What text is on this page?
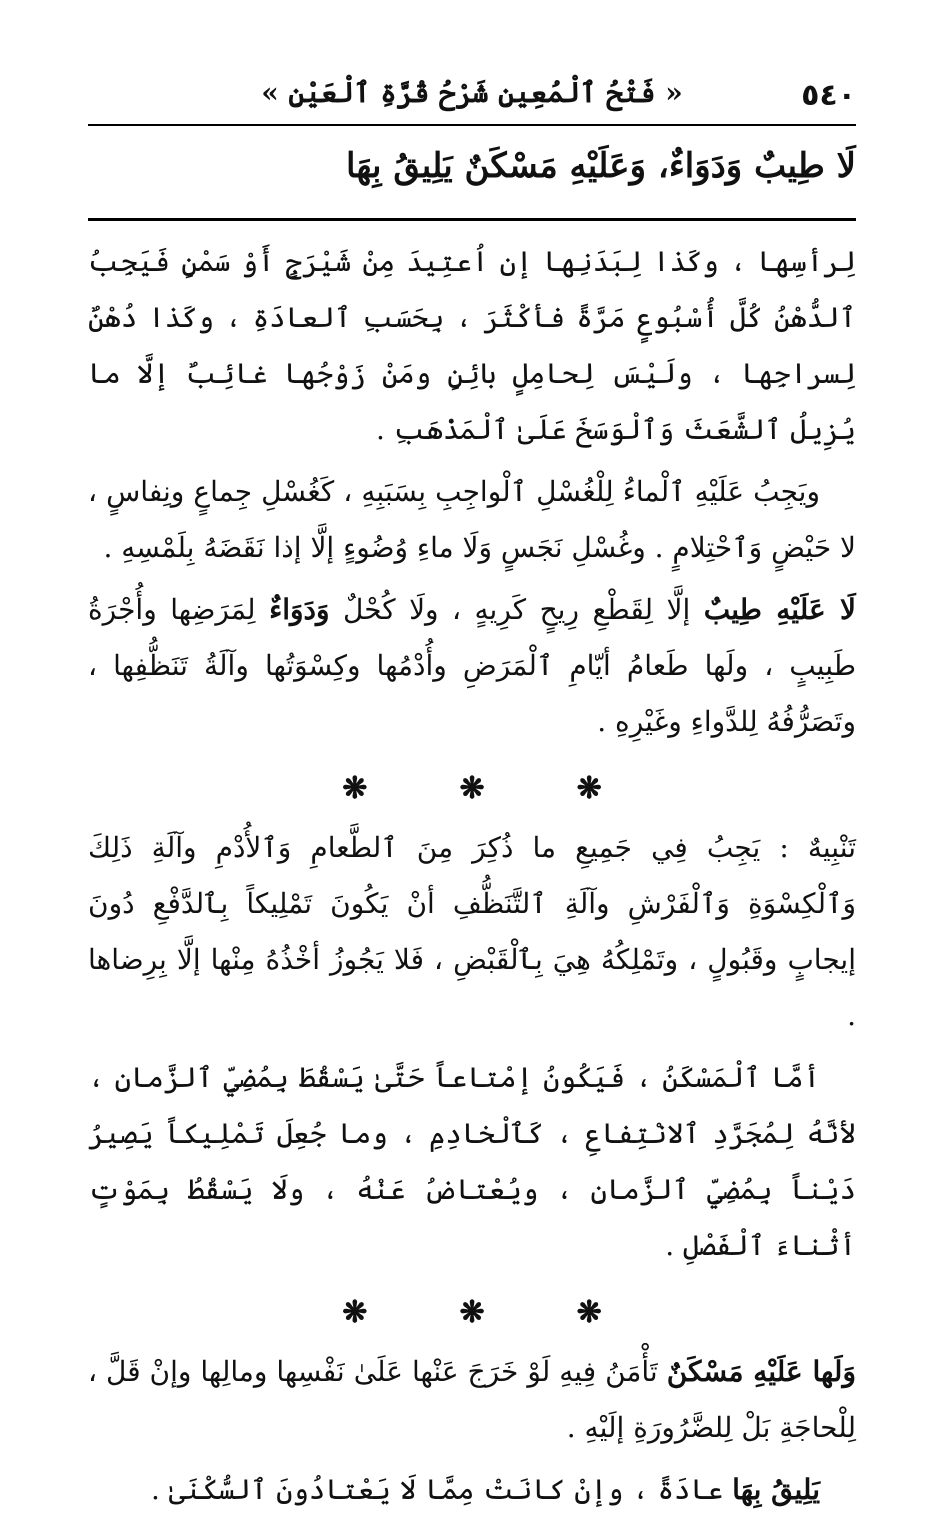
٥٤٠
« فَتْحُ ٱلْمُعِينِ شَرْحُ قُرَّةِ ٱلْعَيْنِ »
لَا طِيبٌ وَدَوَاءٌ، وَعَلَيْهِ مَسْكَنٌ يَلِيقُ بِهَا

لِرأسِها ، وكَذا لِبَدَنِها إن اُعتِيدَ مِنْ شَيْرَجٍ أَوْ سَمْنٍ فَيَجِبُ ٱلدُّهْنُ كُلَّ أُسْبُوعٍ مَرَّةً فأكْثَرَ ، بِحَسَبِ ٱلعادَةِ ، وكَذا دُهْنٌ لِسراجِها ، ولَيْسَ لِحامِلٍ بائِنٍ ومَنْ زَوْجُها غائِبٌ إلَّا ما يُزِيلُ ٱلشَّعَثَ وَٱلْوَسَخَ عَلَىٰ ٱلْمَذْهَبِ .

ويَجِبُ عَلَيْهِ ٱلْماءُ لِلْغُسْلِ ٱلْواجِبِ بِسَبَبِهِ ، كَغُسْلِ جِماعٍ ونِفاسٍ ، لا حَيْضٍ وَٱحْتِلامٍ . وغُسْلِ نَجَسٍ وَلَا ماءِ وُضُوءٍ إلَّا إذا نَقَضَهُ بِلَمْسِهِ .

لَا عَلَيْهِ طِيبٌ إلَّا لِقَطْعِ رِيحٍ كَرِيهٍ ، ولَا كُحْلٌ وَدَوَاءٌ لِمَرَضِها وأُجْرَةُ طَبِيبٍ ، ولَها طَعامُ أيّامِ ٱلْمَرَضِ وأُدْمُها وكِسْوَتُها وآلَةُ تَنَظُّفِها ، وتَصَرُّفُهُ لِلدَّواءِ وغَيْرِهِ .

❋
❋
❋

تَنْبِيهٌ : يَجِبُ فِي جَمِيعِ ما ذُكِرَ مِنَ ٱلطَّعامِ وَٱلأُدْمِ وآلَةِ ذَلِكَ وَٱلْكِسْوَةِ وَٱلْفَرْشِ وآلَةِ ٱلتَّنَظُّفِ أنْ يَكُونَ تَمْلِيكاً بِٱلدَّفْعِ دُونَ إيجابٍ وقَبُولٍ ، وتَمْلِكُهُ هِيَ بِٱلْقَبْضِ ، فَلا يَجُوزُ أخْذُهُ مِنْها إلَّا بِرِضاها .

أمَّا ٱلْمَسْكَنُ ، فَيَكُونُ إمْتاعاً حَتَّىٰ يَسْقُطَ بِمُضِيِّ ٱلزَّمانِ ، لأنَّهُ لِمُجَرَّدِ ٱلانْتِفاعِ ، كَٱلْخادِمِ ، وما جُعِلَ تَمْلِيكاً يَصِيرُ دَيْناً بِمُضِيِّ ٱلزَّمانِ ، ويُعْتاضُ عَنْهُ ، ولَا يَسْقُطُ بِمَوْتٍ أثْناءَ ٱلْفَصْلِ .

❋
❋
❋

وَلَها عَلَيْهِ مَسْكَنٌ تَأْمَنُ فِيهِ لَوْ خَرَجَ عَنْها عَلَىٰ نَفْسِها ومالِها وإنْ قَلَّ ، لِلْحاجَةِ بَلْ لِلضَّرُورَةِ إلَيْهِ .

يَلِيقُ بِهَا عادَةً ، وإنْ كانَتْ مِمَّا لَا يَعْتادُونَ ٱلسُّكْنَىٰ .
